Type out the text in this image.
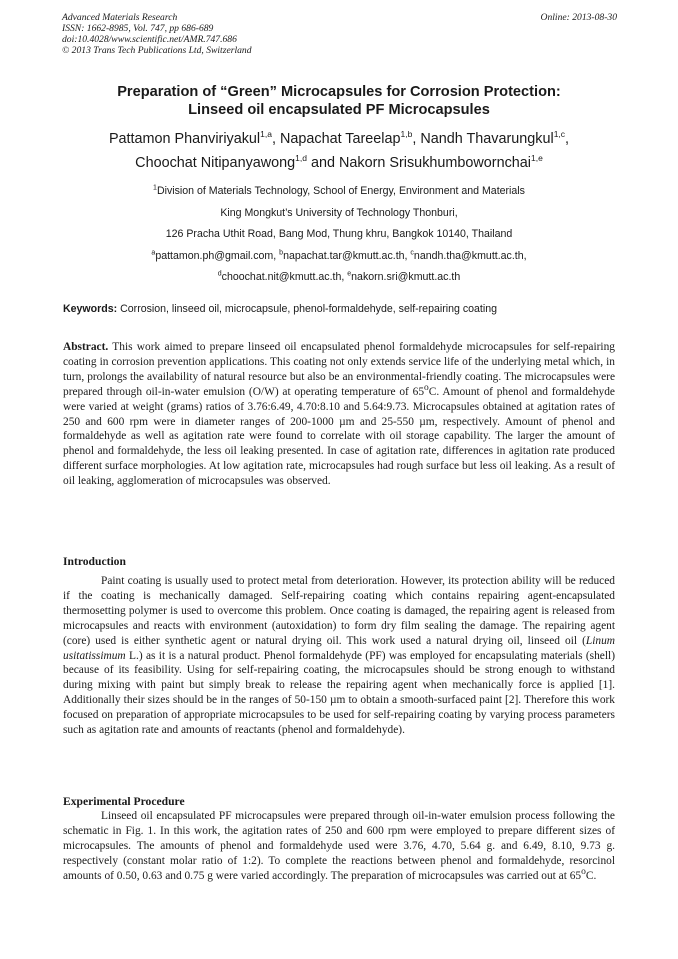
Advanced Materials Research
ISSN: 1662-8985, Vol. 747, pp 686-689
doi:10.4028/www.scientific.net/AMR.747.686
© 2013 Trans Tech Publications Ltd, Switzerland
Online: 2013-08-30
Preparation of “Green” Microcapsules for Corrosion Protection:
Linseed oil encapsulated PF Microcapsules
Pattamon Phanviriyakul$^{1,a}$, Napachat Tareelap$^{1,b}$, Nandh Thavarungkul$^{1,c}$,
Choochat Nitipanyawong$^{1,d}$ and Nakorn Srisukhumbowornchai$^{1,e}$
$^1$Division of Materials Technology, School of Energy, Environment and Materials
King Mongkut’s University of Technology Thonburi,
126 Pracha Uthit Road, Bang Mod, Thung khru, Bangkok 10140, Thailand
$^a$pattamon.ph@gmail.com, $^b$napachat.tar@kmutt.ac.th, $^c$nandh.tha@kmutt.ac.th,
$^d$choochat.nit@kmutt.ac.th, $^e$nakorn.sri@kmutt.ac.th
Keywords: Corrosion, linseed oil, microcapsule, phenol-formaldehyde, self-repairing coating
Abstract. This work aimed to prepare linseed oil encapsulated phenol formaldehyde microcapsules for self-repairing coating in corrosion prevention applications. This coating not only extends service life of the underlying metal which, in turn, prolongs the availability of natural resource but also be an environmental-friendly coating. The microcapsules were prepared through oil-in-water emulsion (O/W) at operating temperature of 65$^o$C. Amount of phenol and formaldehyde were varied at weight (grams) ratios of 3.76:6.49, 4.70:8.10 and 5.64:9.73. Microcapsules obtained at agitation rates of 250 and 600 rpm were in diameter ranges of 200-1000 µm and 25-550 µm, respectively. Amount of phenol and formaldehyde as well as agitation rate were found to correlate with oil storage capability. The larger the amount of phenol and formaldehyde, the less oil leaking presented. In case of agitation rate, differences in agitation rate produced different surface morphologies. At low agitation rate, microcapsules had rough surface but less oil leaking. As a result of oil leaking, agglomeration of microcapsules was observed.
Introduction
Paint coating is usually used to protect metal from deterioration. However, its protection ability will be reduced if the coating is mechanically damaged. Self-repairing coating which contains repairing agent-encapsulated thermosetting polymer is used to overcome this problem. Once coating is damaged, the repairing agent is released from microcapsules and reacts with environment (autoxidation) to form dry film sealing the damage. The repairing agent (core) used is either synthetic agent or natural drying oil. This work used a natural drying oil, linseed oil (Linum usitatissimum L.) as it is a natural product. Phenol formaldehyde (PF) was employed for encapsulating materials (shell) because of its feasibility. Using for self-repairing coating, the microcapsules should be strong enough to withstand during mixing with paint but simply break to release the repairing agent when mechanically force is applied [1]. Additionally their sizes should be in the ranges of 50-150 µm to obtain a smooth-surfaced paint [2]. Therefore this work focused on preparation of appropriate microcapsules to be used for self-repairing coating by varying process parameters such as agitation rate and amounts of reactants (phenol and formaldehyde).
Experimental Procedure
Linseed oil encapsulated PF microcapsules were prepared through oil-in-water emulsion process following the schematic in Fig. 1. In this work, the agitation rates of 250 and 600 rpm were employed to prepare different sizes of microcapsules. The amounts of phenol and formaldehyde used were 3.76, 4.70, 5.64 g. and 6.49, 8.10, 9.73 g. respectively (constant molar ratio of 1:2). To complete the reactions between phenol and formaldehyde, resorcinol amounts of 0.50, 0.63 and 0.75 g were varied accordingly. The preparation of microcapsules was carried out at 65$^o$C.
